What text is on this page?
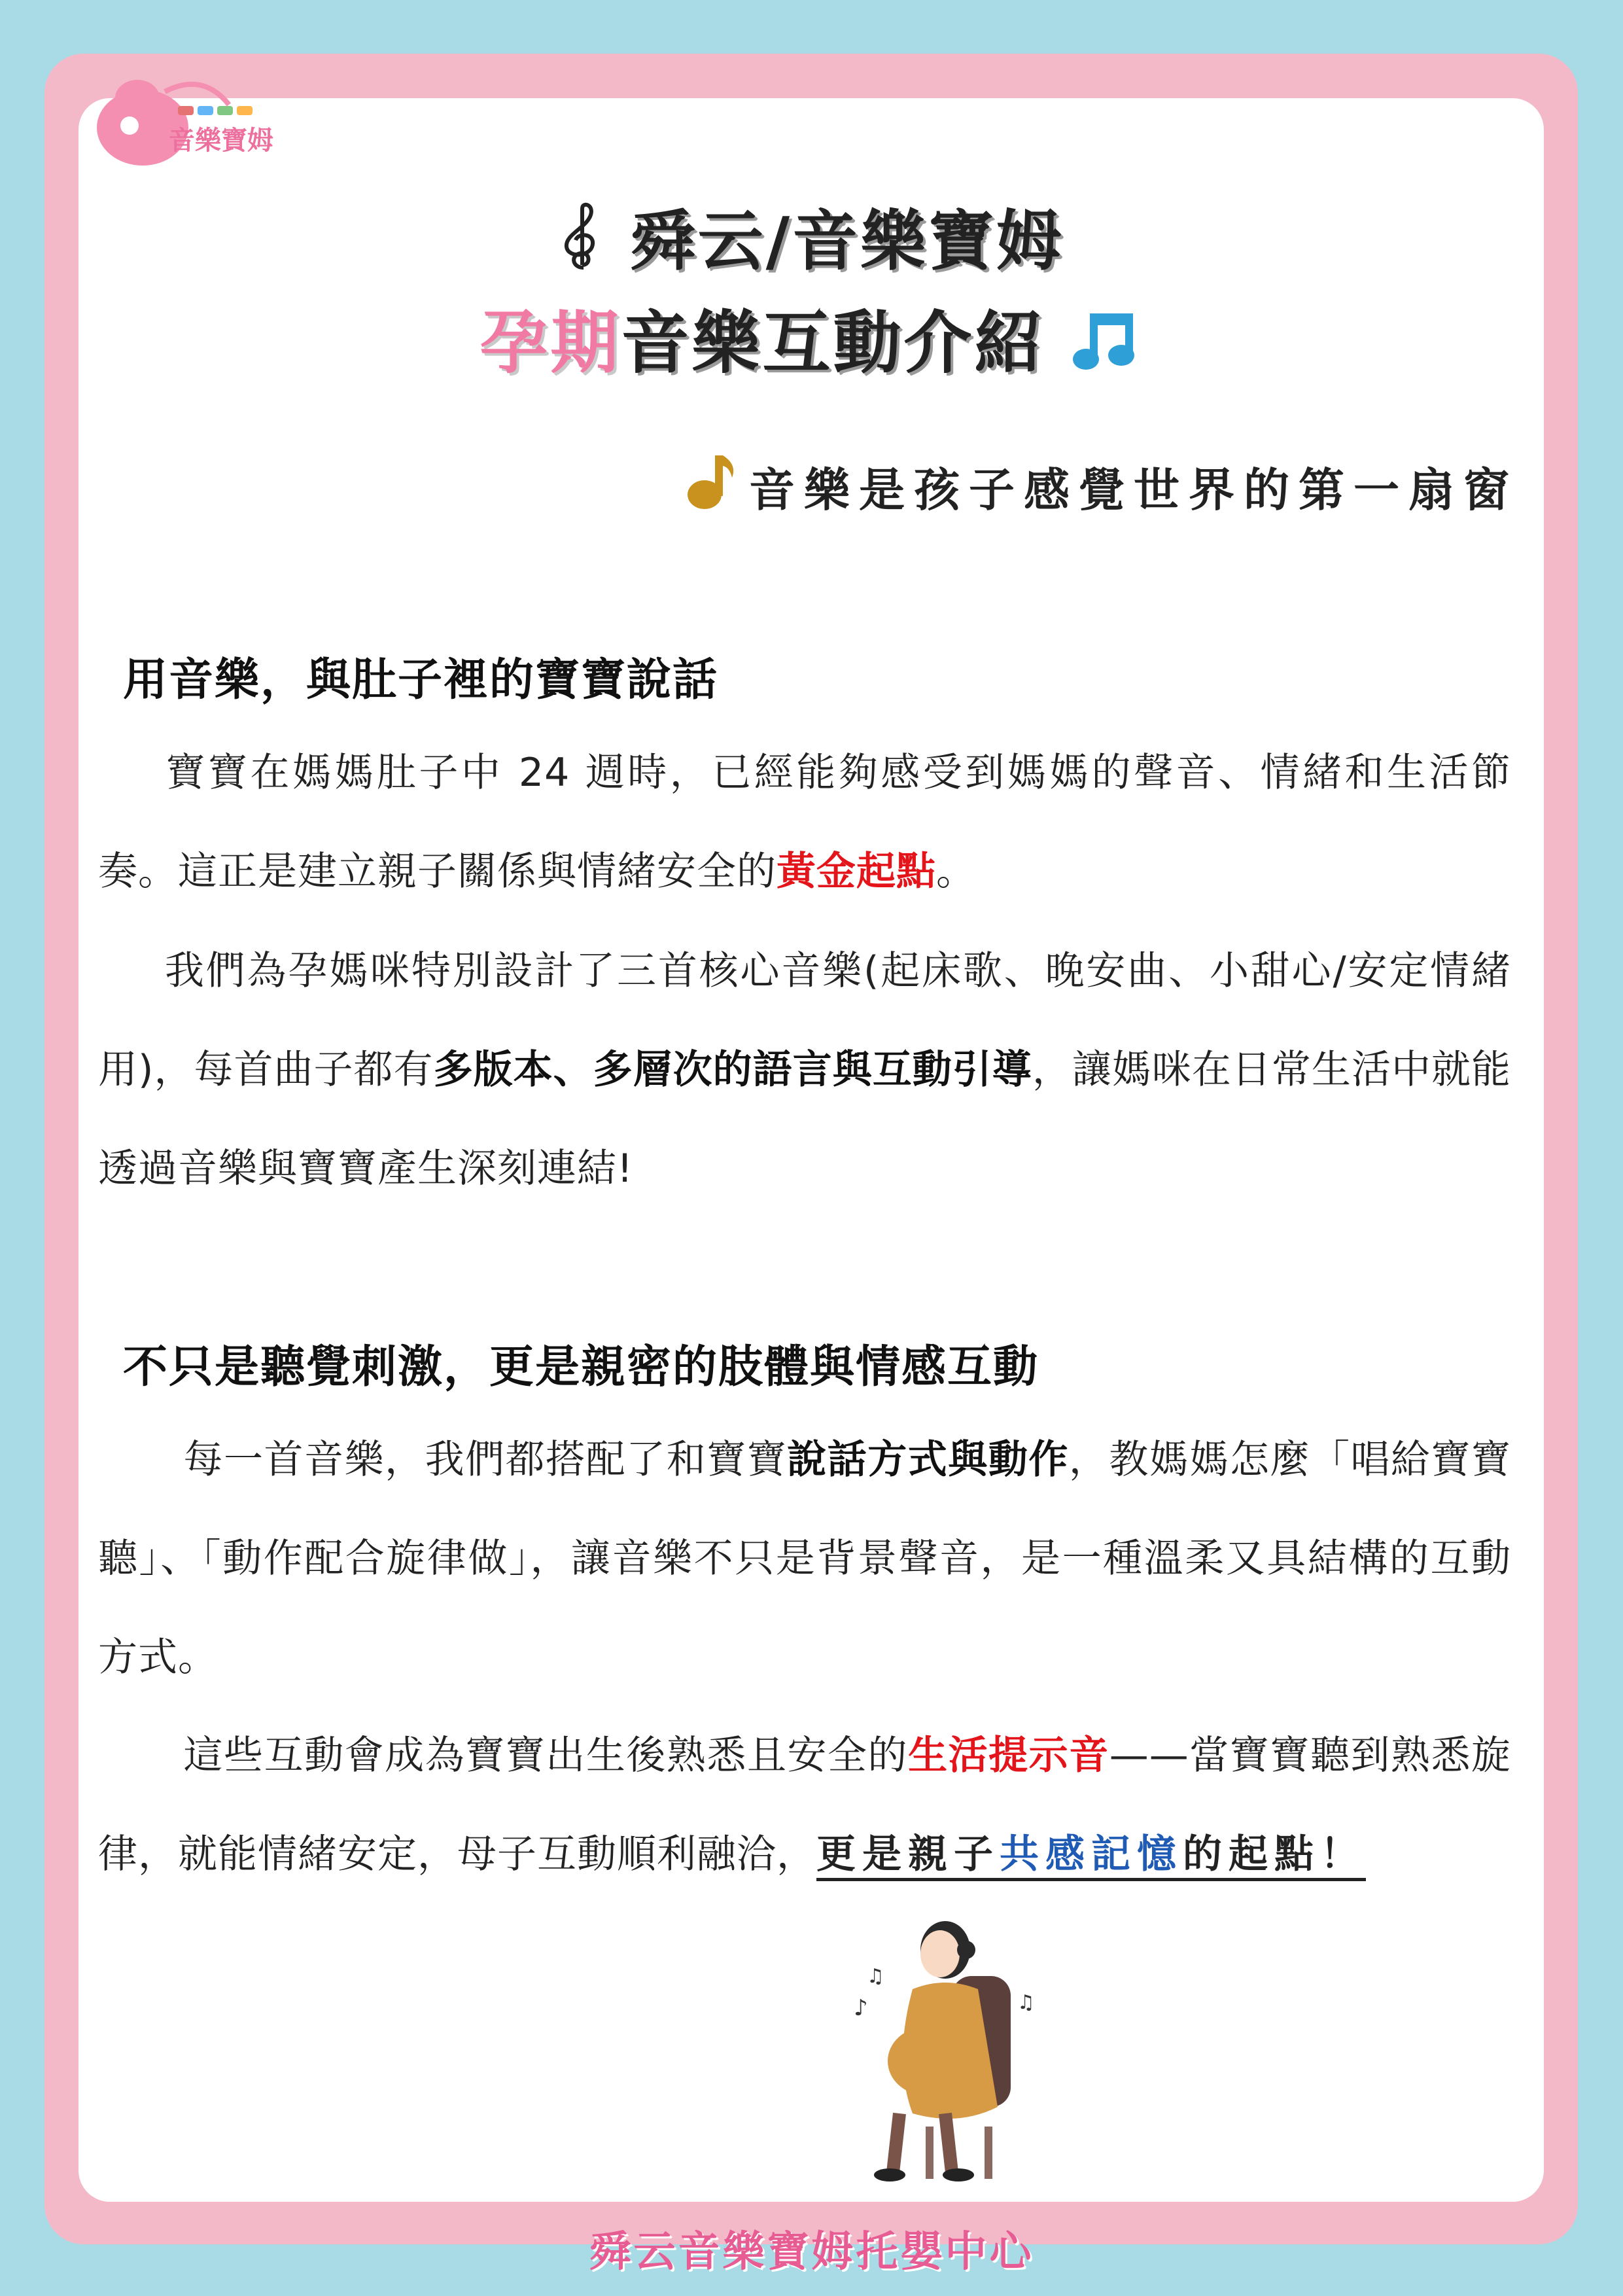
音樂寶姆
舜云/音樂寶姆
孕期音樂互動介紹
音樂是孩子感覺世界的第一扇窗
用音樂，與肚子裡的寶寶說話
寶寶在媽媽肚子中 24 週時，已經能夠感受到媽媽的聲音、情緒和生活節奏。這正是建立親子關係與情緒安全的黃金起點。
我們為孕媽咪特別設計了三首核心音樂(起床歌、晚安曲、小甜心/安定情緒用)，每首曲子都有多版本、多層次的語言與互動引導，讓媽咪在日常生活中就能透過音樂與寶寶產生深刻連結!
不只是聽覺刺激，更是親密的肢體與情感互動
每一首音樂，我們都搭配了和寶寶說話方式與動作，教媽媽怎麼「唱給寶寶聽」、「動作配合旋律做」，讓音樂不只是背景聲音，是一種溫柔又具結構的互動方式。
這些互動會成為寶寶出生後熟悉且安全的生活提示音——當寶寶聽到熟悉旋律，就能情緒安定，母子互動順利融洽，更是親子共感記憶的起點！
♪
♫
♫
舜云音樂寶姆托嬰中心
